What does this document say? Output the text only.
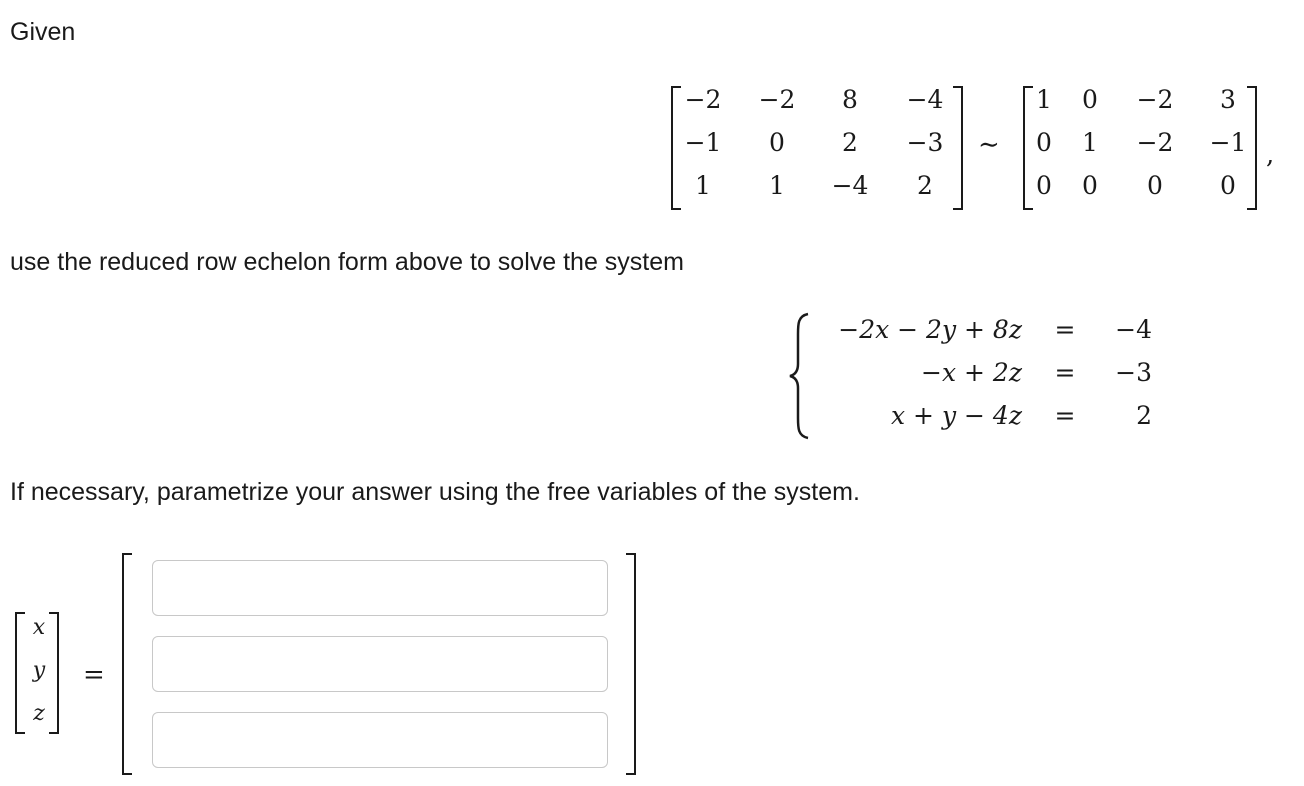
Given
−2	−2	8	−4
−1	0	2	−3
1	1	−4	2
∼
1	0	−2	3
0	1	−2	−1
0	0	0	0
,
use the reduced row echelon form above to solve the system
−2x − 2y + 8z =	−4
−x + 2z =	−3
x + y − 4z =	2
If necessary, parametrize your answer using the free variables of the system.
x
y
z
=
